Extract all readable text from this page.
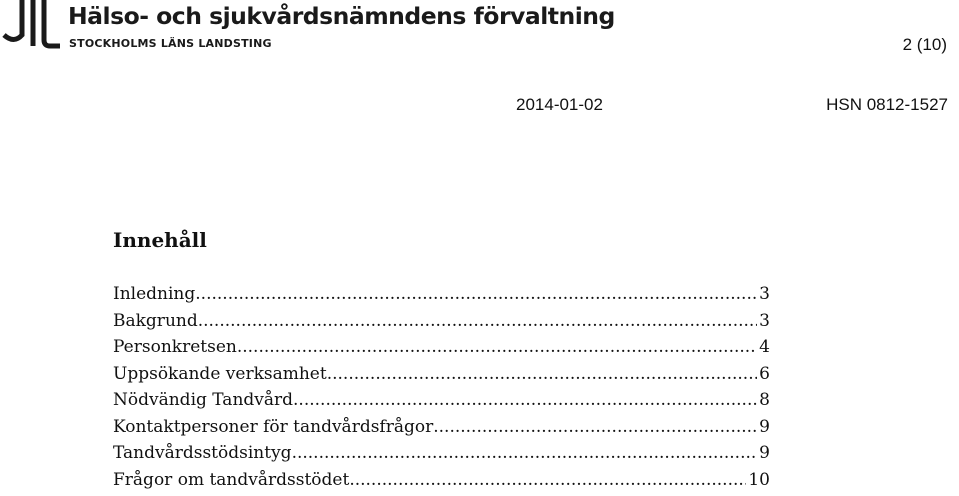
Hälso- och sjukvårdsnämndens förvaltning
STOCKHOLMS LÄNS LANDSTING	2 (10)
2014-01-02	HSN 0812-1527
Innehåll
Inledning .....	3
Bakgrund .....	3
Personkretsen .....	4
Uppsökande verksamhet .....	6
Nödvändig Tandvård .....	8
Kontaktpersoner för tandvårdsfrågor .....	9
Tandvårdsstödsintyg .....	9
Frågor om tandvårdsstödet .....	10
